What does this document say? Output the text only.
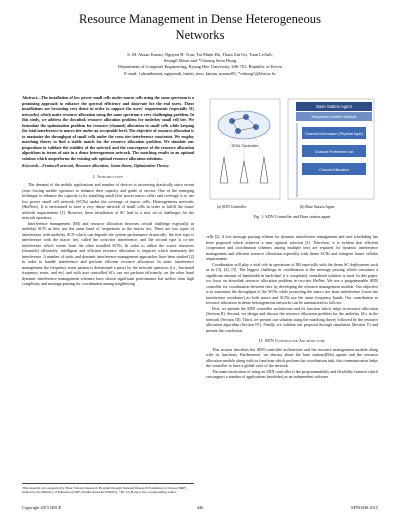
Resource Management in Dense Heterogeneous
Networks
S. M. Ahsan Kazmi, Nguyen H. Tran, Tai Manh Ho, Thant Zin Oo, Tuan LeAnh,
Seungil Moon and *Choong Seon Hong
Department of Computer Engineering, Kyung Hee University, 446-701, Republic of Korea
E-mail: {ahsankazmi, nguyenth, hmtai, tzoo, latuan, moons85, *cshong}@khu.ac.kr

Abstract—The installation of low power small cells under macro cells using the same spectrum is a promising approach to enhance the spectral efficiency and data-rate for the end users. These installations are becoming very dense in order to support the users' requirements (especially 5G networks) which make resource allocation using the same spectrum a very challenging problem. In this study, we address the downlink resource allocation problem for underlay small cell tier. We formulate the optimization problem for resource (channel) allocation in small cells while keeping the total interference to macro tier under an acceptable level. The objective of resource allocation is to maximize the throughput of small cells under the cross tier interference constraint. We employ matching theory to find a stable match for the resource allocation problem. We simulate our proposition to validate the stability of the network and the convergence of the resource allocation algorithms in terms of rate in a dense heterogeneous network. The matching results in an optimal solution which outperforms the existing sub-optimal resource allocation solutions.

Keywords—Femtocell network, Resource allocation, Game theory, Optimization Theory.

I. Introduction

The demand of the mobile applications and number of devices is increasing drastically since recent years forcing mobile operators to enhance their capacity and grade of service. One of the emerging technique to enhance the capacity is by installing small (low power macro cells) and coverage is to use low power small cell network (SCNs) under the coverage of macro cells. Heterogeneous networks (HetNets). It is envisioned to have a very dense network of small cells in order to fulfill the future network requirements [1]. However, these installation of SC lead to a new set of challenges for the network operators.

Interference management (IM) and resource allocation becomes critical challenge especially in underlay SCN as they use the same band of frequencies as the macro tier. There are two types of interference with underlay SCN which can degrade the system performance drastically: the first type is interference with the macro tier, called the cross-tier interference, and the second type is co-tier interference which comes from the other installed SCNs. In order to utilize the scarce resources (channels) efficiently, intelligent and efficient resource allocation is required which minimizes the interference. A number of static and dynamic interference management approaches have been studied [2] in order to handle interference and perform efficient resource allocation. In static interference management the frequency reuse pattern is determined a priori by the network operators (i.e., fractional frequency reuse, and etc) and with user controlled SCs can not perform efficiently, on the other hand dynamic interference management schemes have shown significant performance but suffers from high complexity and message passing for coordination among neighboring

This research was supported by Basic Science Research Program through National Research Foundation of Korea (NRF) funded by the Ministry of Education (NRF-2014R1A2A2A01005915). *Dr. CS Hong is the corresponding author.
SDN Controller
Base Station Agent
Sequence Mobile Module
Channel Information (Physical layer)
Channel Preference List
Channel Allocation
(a) SDN Controller	(b) Base Station Agent
Fig. 1. SDN Controller and Base station agent

cells [2]. A low message passing scheme for dynamic interference management and user scheduling has been proposed which achieves a near optimal solution [3]. Therefore, it is evident that efficient cooperation and coordination schemes among multiple tiers are required for dynamic interference management and efficient resource allocation especially with dense SCNs and stringent future cellular requirements.

Coordination will play a vital role in operations of IM especially with the dense SC deployment such as in [3], [4], [5]. The biggest challenge in coordination is the message passing which consumes a significant amount of bandwidth in back-haul if a completely centralized solution is used. In this paper, we focus on downlink resource allocation problem in two-tier HetNet. We use a programmable SDN controller for coordination between tiers by developing the resource management module. Our objective is to maximize the throughput of the SCNs while protecting the macro tier from interference (cross-tier interference avoidance) as both macro and SCNs use the same frequency bands. Our contribution to resource allocation in dense heterogeneous networks can be summarized as follows:

First, we present the SDN controller architecture and its function which helps in resource allocation (Section II). Second, we design and discuss the resource allocation problem for the underlay SCs in the network (Section III). Third, we present our solution using the matching theory followed by the resource allocation algorithm (Section IV). Finally, we validate our proposal through simulation (Section V) and present the conclusion.

II. SDN Controller Architecture

This section describes the SDN controller architecture and the resource management module along with its functions. Furthermore, we discuss about the base stations(BSs) agents and the resource allocation module along with its functions which perform the coordination task, this communication helps the controller to have a global view of the network.

The main motivation of using an SDN controller is the programmability and flexibility features which can support a number of applications (modules) as an independent software

Copyright 2015 IEICE	440	APNOMS 2015
